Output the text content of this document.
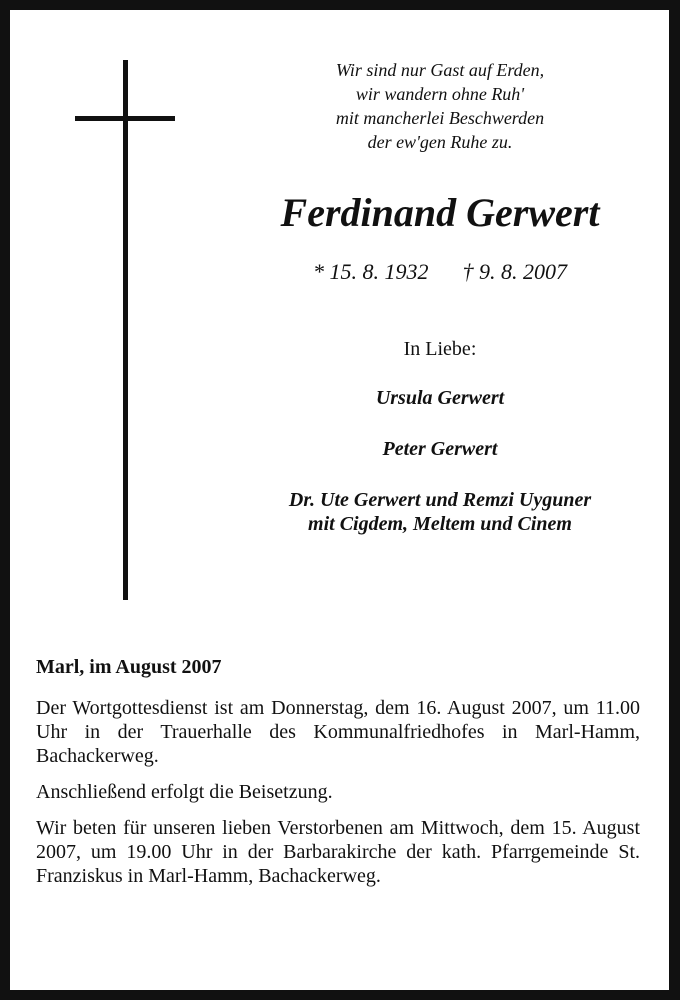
Wir sind nur Gast auf Erden,
wir wandern ohne Ruh'
mit mancherlei Beschwerden
der ew'gen Ruhe zu.
Ferdinand Gerwert
* 15. 8. 1932 † 9. 8. 2007
In Liebe:
Ursula Gerwert
Peter Gerwert
Dr. Ute Gerwert und Remzi Uyguner
mit Cigdem, Meltem und Cinem
Marl, im August 2007

Der Wortgottesdienst ist am Donnerstag, dem 16. August 2007, um 11.00 Uhr in der Trauerhalle des Kommunalfriedhofes in Marl-Hamm, Bachackerweg.

Anschließend erfolgt die Beisetzung.

Wir beten für unseren lieben Verstorbenen am Mittwoch, dem 15. August 2007, um 19.00 Uhr in der Barbarakirche der kath. Pfarrgemeinde St. Franziskus in Marl-Hamm, Bachackerweg.
